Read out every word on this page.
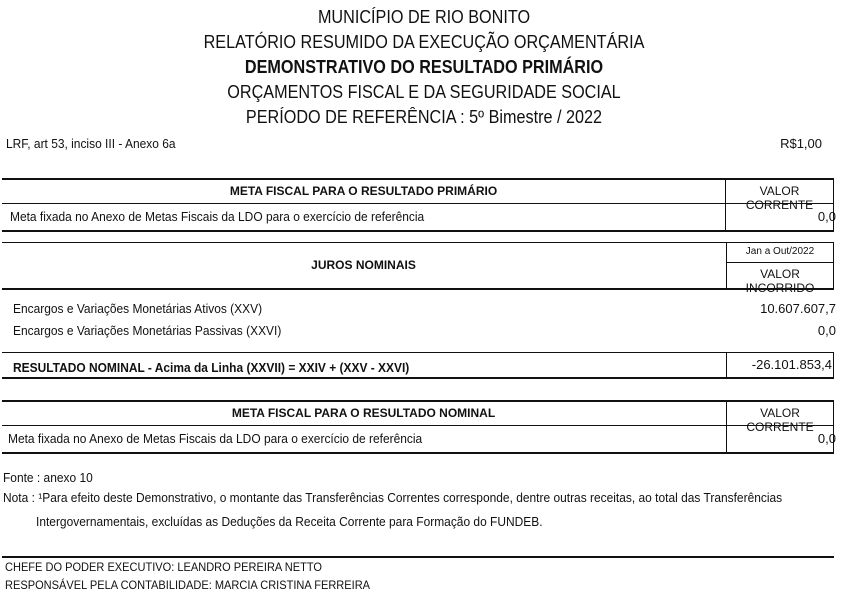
MUNICÍPIO DE RIO BONITO
RELATÓRIO RESUMIDO DA EXECUÇÃO ORÇAMENTÁRIA
DEMONSTRATIVO DO RESULTADO PRIMÁRIO
ORÇAMENTOS FISCAL E DA SEGURIDADE SOCIAL
PERÍODO DE REFERÊNCIA : 5º Bimestre / 2022
LRF, art 53, inciso III - Anexo 6a	R$1,00
META FISCAL PARA O RESULTADO PRIMÁRIO	VALOR CORRENTE
Meta fixada no Anexo de Metas Fiscais da LDO para o exercício de referência	0,0
JUROS NOMINAIS
Jan a Out/2022
VALOR INCORRIDO
Encargos e Variações Monetárias Ativos (XXV)	10.607.607,7
Encargos e Variações Monetárias Passivas (XXVI)	0,0
RESULTADO NOMINAL - Acima da Linha (XXVII) = XXIV + (XXV - XXVI)	-26.101.853,4
META FISCAL PARA O RESULTADO NOMINAL	VALOR CORRENTE
Meta fixada no Anexo de Metas Fiscais da LDO para o exercício de referência	0,0
Fonte : anexo 10
Nota : ¹Para efeito deste Demonstrativo, o montante das Transferências Correntes corresponde, dentre outras receitas, ao total das Transferências
Intergovernamentais, excluídas as Deduções da Receita Corrente para Formação do FUNDEB.
CHEFE DO PODER EXECUTIVO: LEANDRO PEREIRA NETTO
RESPONSÁVEL PELA CONTABILIDADE: MARCIA CRISTINA FERREIRA
